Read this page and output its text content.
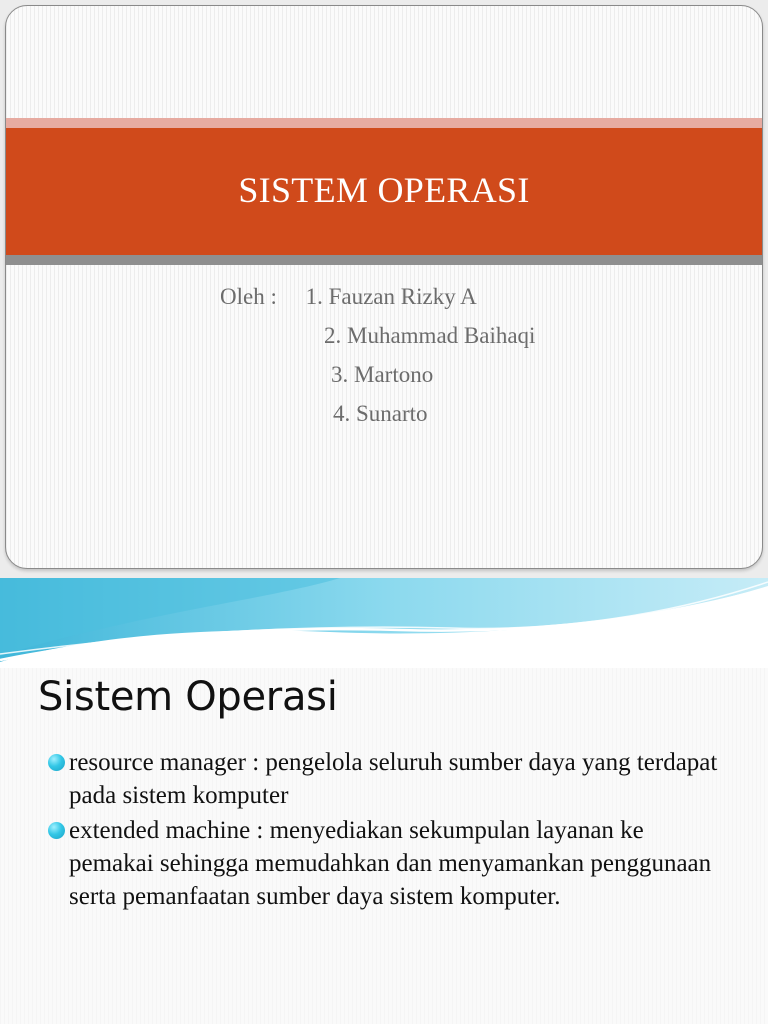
SISTEM OPERASI
Oleh :     1. Fauzan Rizky A
2. Muhammad Baihaqi
3. Martono
4. Sunarto
Sistem Operasi
resource manager : pengelola seluruh sumber daya yang terdapat pada sistem komputer
extended machine : menyediakan sekumpulan layanan ke pemakai sehingga memudahkan dan menyamankan penggunaan serta pemanfaatan sumber daya sistem komputer.
